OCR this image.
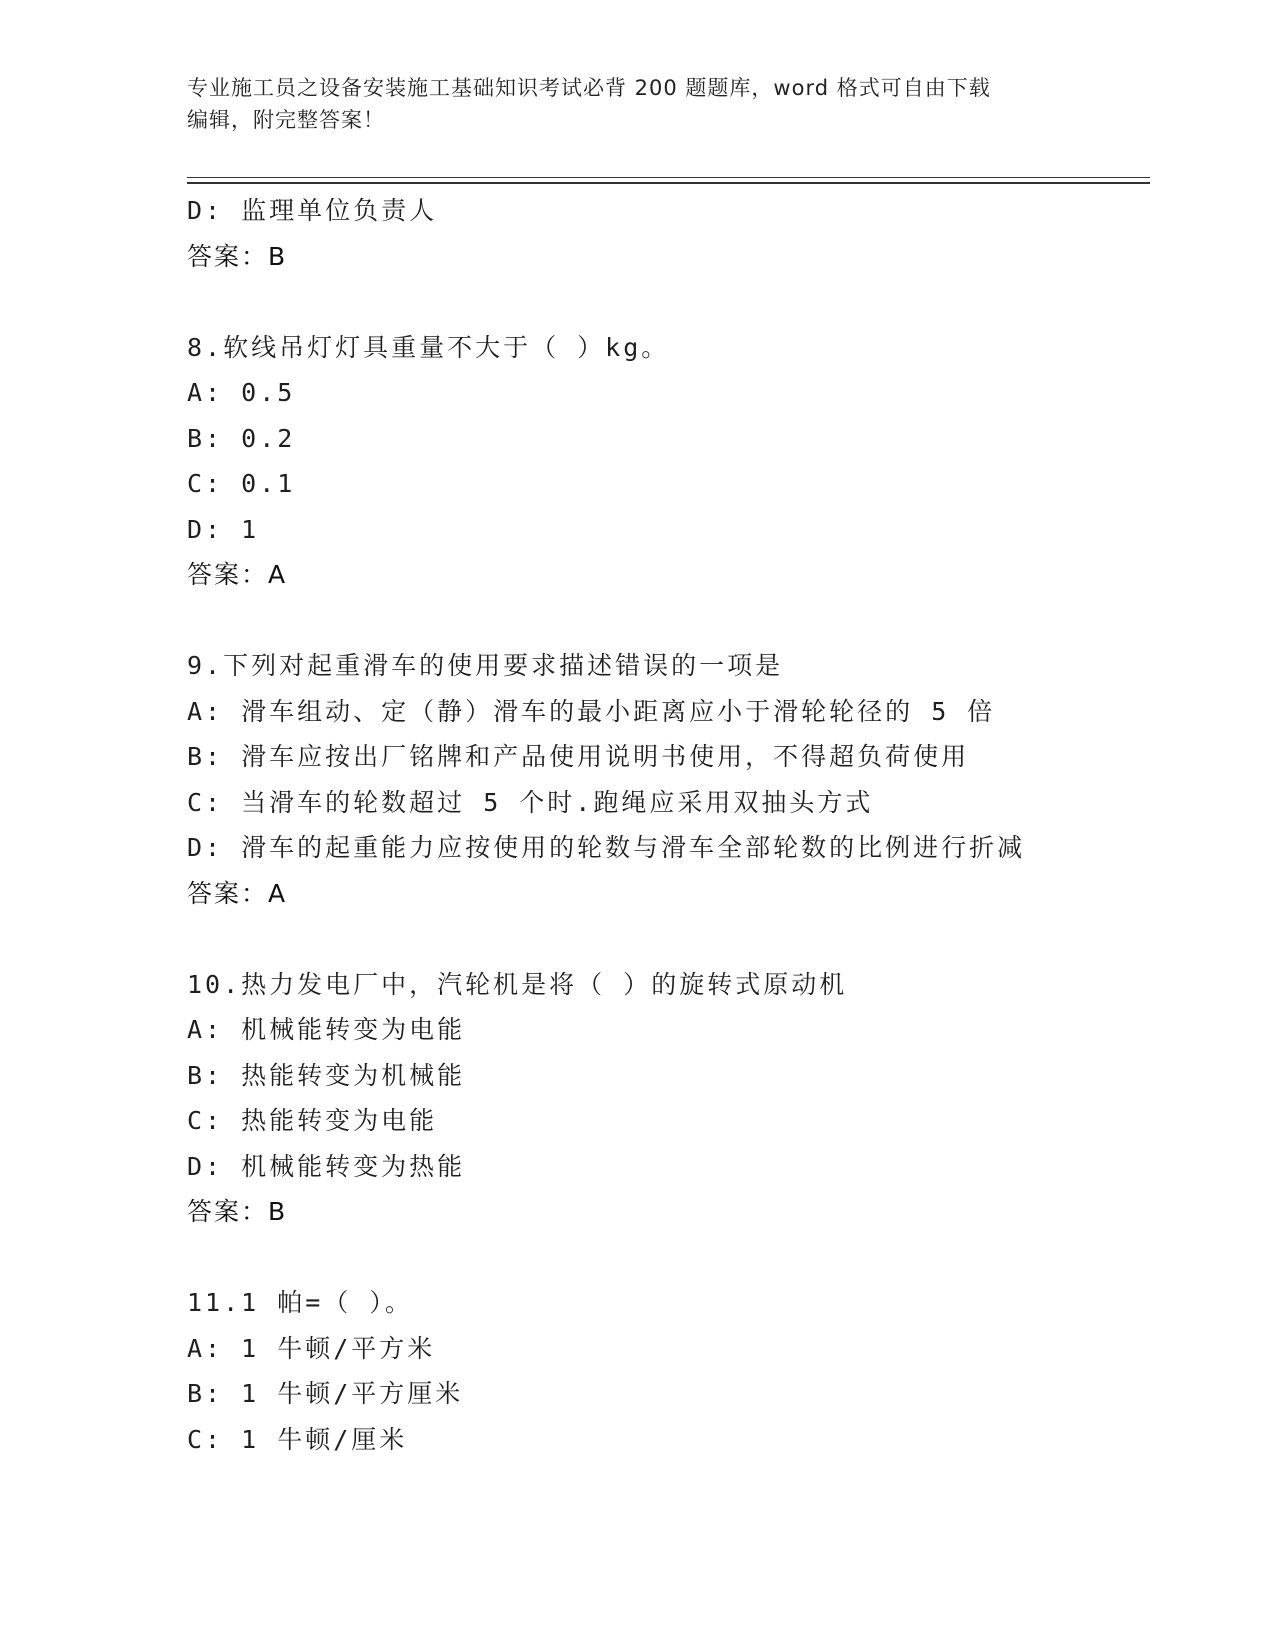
专业施工员之设备安装施工基础知识考试必背 200 题题库，word 格式可自由下载
编辑，附完整答案！
D: 监理单位负责人
答案：B
8.软线吊灯灯具重量不大于（ ）kg。
A: 0.5
B: 0.2
C: 0.1
D: 1
答案：A
9.下列对起重滑车的使用要求描述错误的一项是
A: 滑车组动、定（静）滑车的最小距离应小于滑轮轮径的 5 倍
B: 滑车应按出厂铭牌和产品使用说明书使用，不得超负荷使用
C: 当滑车的轮数超过 5 个时.跑绳应采用双抽头方式
D: 滑车的起重能力应按使用的轮数与滑车全部轮数的比例进行折减
答案：A
10.热力发电厂中，汽轮机是将（ ）的旋转式原动机
A: 机械能转变为电能
B: 热能转变为机械能
C: 热能转变为电能
D: 机械能转变为热能
答案：B
11.1 帕=（ ）。
A: 1 牛顿/平方米
B: 1 牛顿/平方厘米
C: 1 牛顿/厘米
